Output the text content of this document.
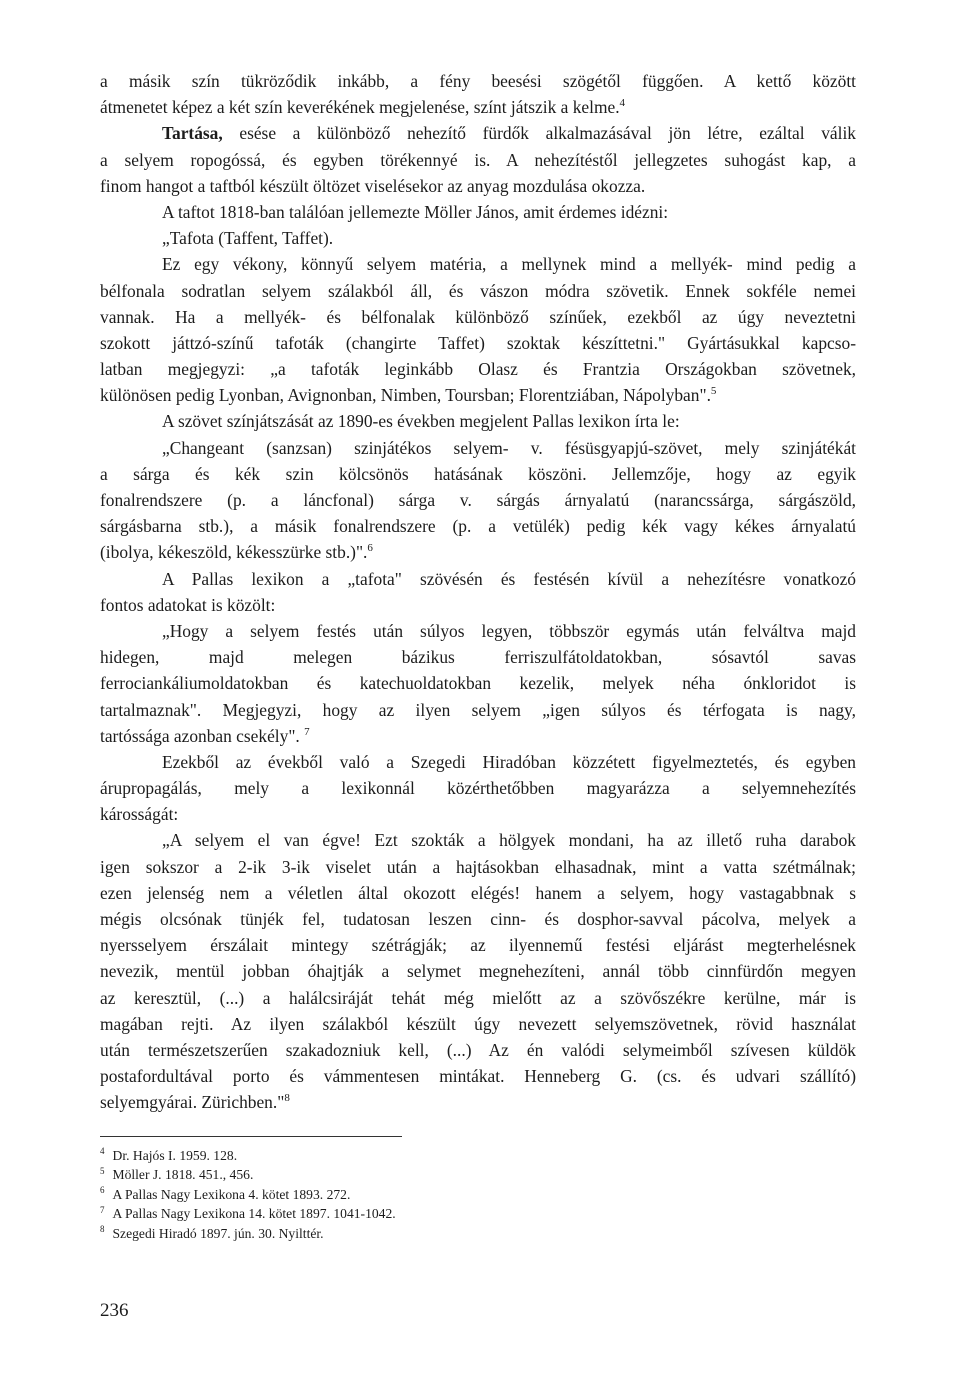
a másik szín tükröződik inkább, a fény beesési szögétől függően. A kettő között
átmenetet képez a két szín keverékének megjelenése, színt játszik a kelme.$^4$
Tartása, esése a különböző nehezítő fürdők alkalmazásával jön létre, ezáltal válik
a selyem ropogóssá, és egyben törékennyé is. A nehezítéstől jellegzetes suhogást kap, a
finom hangot a taftból készült öltözet viselésekor az anyag mozdulása okozza.
A taftot 1818-ban találóan jellemezte Möller János, amit érdemes idézni:
„Tafota (Taffent, Taffet).
Ez egy vékony, könnyű selyem matéria, a mellynek mind a mellyék- mind pedig a
bélfonala sodratlan selyem szálakból áll, és vászon módra szövetik. Ennek sokféle nemei
vannak. Ha a mellyék- és bélfonalak különböző színűek, ezekből az úgy neveztetni
szokott játtzó-színű tafoták (changirte Taffet) szoktak készíttetni." Gyártásukkal kapcso-
latban megjegyzi: „a tafoták leginkább Olasz és Frantzia Országokban szövetnek,
különösen pedig Lyonban, Avignonban, Nimben, Toursban; Florentziában, Nápolyban".$^5$
A szövet színjátszását az 1890-es években megjelent Pallas lexikon írta le:
„Changeant (sanzsan) szinjátékos selyem- v. fésüsgyapjú-szövet, mely szinjátékát
a sárga és kék szin kölcsönös hatásának köszöni. Jellemzője, hogy az egyik
fonalrendszere (p. a láncfonal) sárga v. sárgás árnyalatú (narancssárga, sárgászöld,
sárgásbarna stb.), a másik fonalrendszere (p. a vetülék) pedig kék vagy kékes árnyalatú
(ibolya, kékeszöld, kékesszürke stb.)".$^6$
A Pallas lexikon a „tafota" szövésén és festésén kívül a nehezítésre vonatkozó
fontos adatokat is közölt:
„Hogy a selyem festés után súlyos legyen, többször egymás után felváltva majd
hidegen, majd melegen bázikus ferriszulfátoldatokban, sósavtól savas
ferrociankáliumoldatokban és katechuoldatokban kezelik, melyek néha ónkloridot is
tartalmaznak". Megjegyzi, hogy az ilyen selyem „igen súlyos és térfogata is nagy,
tartóssága azonban csekély". $^7$
Ezekből az évekből való a Szegedi Hiradóban közzétett figyelmeztetés, és egyben
árupropagálás, mely a lexikonnál közérthetőbben magyarázza a selyemnehezítés
károsságát:
„A selyem el van égve! Ezt szokták a hölgyek mondani, ha az illető ruha darabok
igen sokszor a 2-ik 3-ik viselet után a hajtásokban elhasadnak, mint a vatta szétmálnak;
ezen jelenség nem a véletlen által okozott elégés! hanem a selyem, hogy vastagabbnak s
mégis olcsónak tünjék fel, tudatosan leszen cinn- és dosphor-savval pácolva, melyek a
nyersselyem érszálait mintegy szétrágják; az ilyennemű festési eljárást megterhelésnek
nevezik, mentül jobban óhajtják a selymet megnehezíteni, annál több cinnfürdőn megyen
az keresztül, (...) a halálcsiráját tehát még mielőtt az a szövőszékre kerülne, már is
magában rejti. Az ilyen szálakból készült úgy nevezett selyemszövetnek, rövid használat
után természetszerűen szakadozniuk kell, (...) Az én valódi selymeimből szívesen küldök
postafordultával porto és vámmentesen mintákat. Henneberg G. (cs. és udvari szállító)
selyemgyárai. Zürichben."$^8$
$^4$ Dr. Hajós I. 1959. 128.
$^5$ Möller J. 1818. 451., 456.
$^6$ A Pallas Nagy Lexikona 4. kötet 1893. 272.
$^7$ A Pallas Nagy Lexikona 14. kötet 1897. 1041-1042.
$^8$ Szegedi Hiradó 1897. jún. 30. Nyilttér.
236
